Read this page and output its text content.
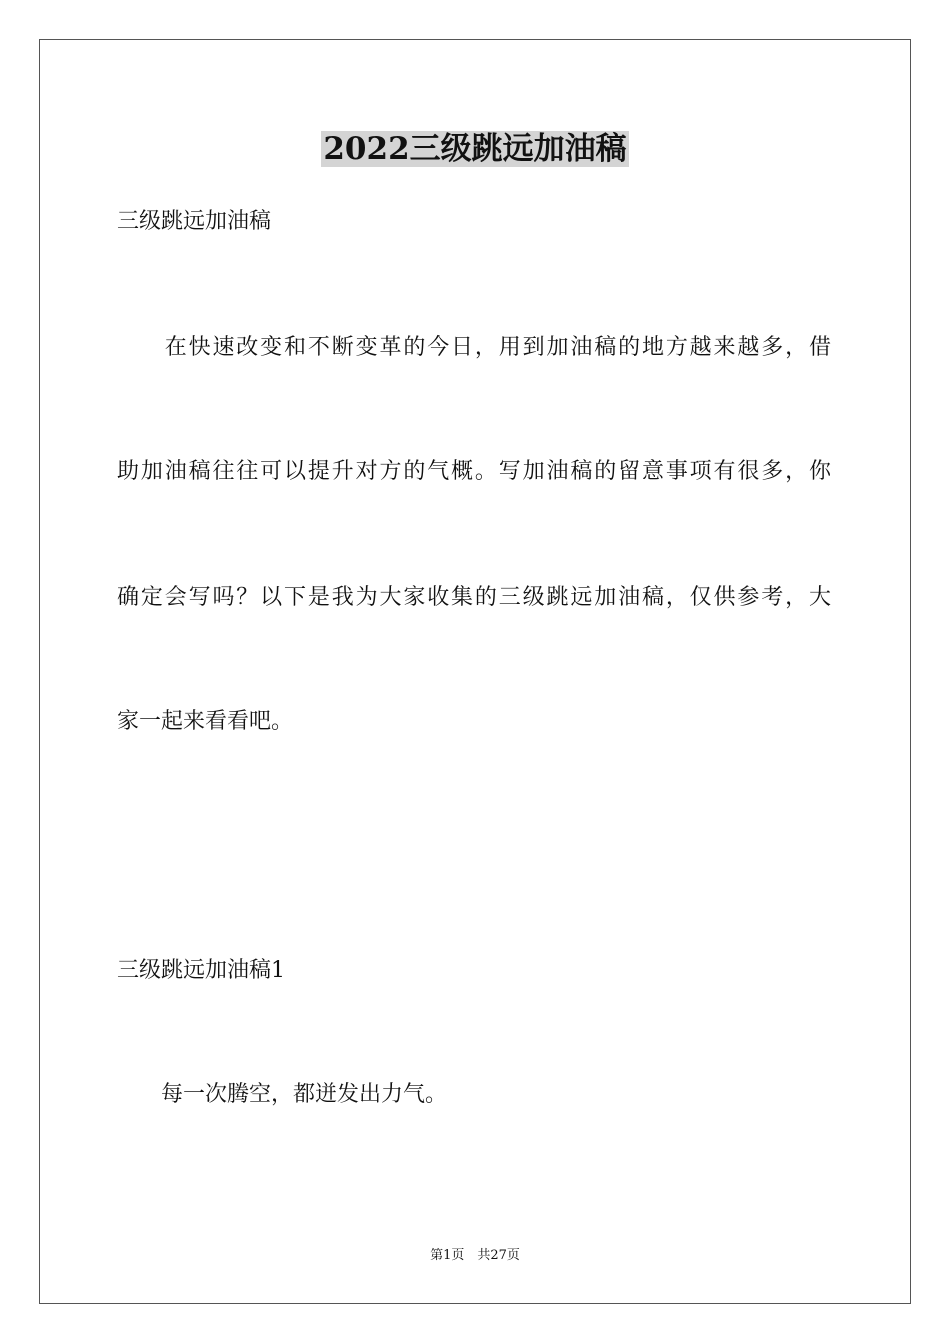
2022三级跳远加油稿
三级跳远加油稿
　　在快速改变和不断变革的今日，用到加油稿的地方越来越多，借
助加油稿往往可以提升对方的气概。写加油稿的留意事项有很多，你
确定会写吗？以下是我为大家收集的三级跳远加油稿，仅供参考，大
家一起来看看吧。
三级跳远加油稿1
　　每一次腾空，都迸发出力气。
第1页　共27页
